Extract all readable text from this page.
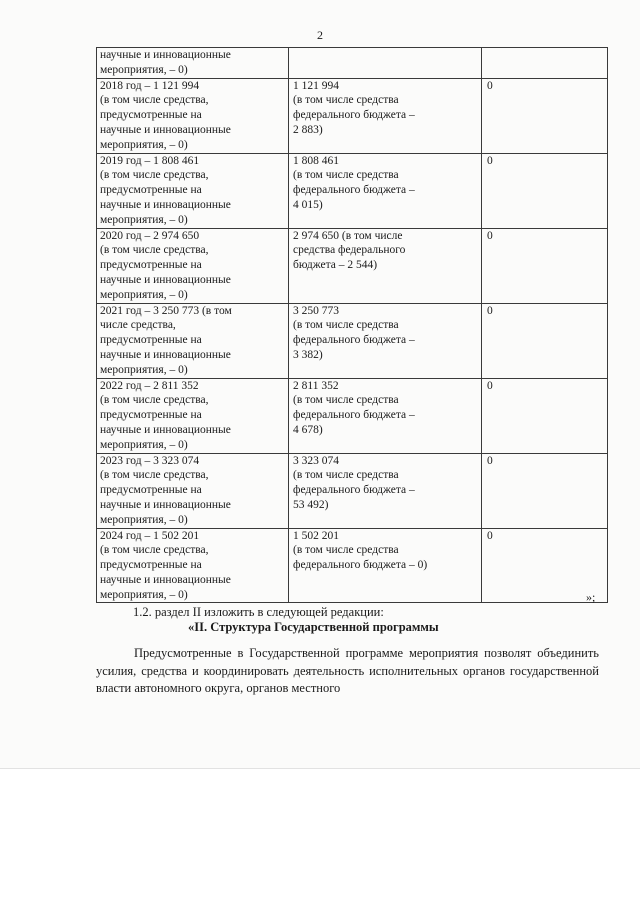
2
научные и инновационные
мероприятия, – 0)		
2018 год – 1 121 994
(в том числе средства,
предусмотренные на
научные и инновационные
мероприятия, – 0)	1 121 994
(в том числе средства
федерального бюджета –
2 883)	0
2019 год – 1 808 461
(в том числе средства,
предусмотренные на
научные и инновационные
мероприятия, – 0)	1 808 461
(в том числе средства
федерального бюджета –
4 015)	0
2020 год – 2 974 650
(в том числе средства,
предусмотренные на
научные и инновационные
мероприятия, – 0)	2 974 650 (в том числе
средства федерального
бюджета – 2 544)	0
2021 год – 3 250 773 (в том
числе средства,
предусмотренные на
научные и инновационные
мероприятия, – 0)	3 250 773
(в том числе средства
федерального бюджета –
3 382)	0
2022 год – 2 811 352
(в том числе средства,
предусмотренные на
научные и инновационные
мероприятия, – 0)	2 811 352
(в том числе средства
федерального бюджета –
4 678)	0
2023 год – 3 323 074
(в том числе средства,
предусмотренные на
научные и инновационные
мероприятия, – 0)	3 323 074
(в том числе средства
федерального бюджета –
53 492)	0
2024 год – 1 502 201
(в том числе средства,
предусмотренные на
научные и инновационные
мероприятия, – 0)	1 502 201
(в том числе средства
федерального бюджета – 0)	0
»;
1.2. раздел II изложить в следующей редакции:
«II. Структура Государственной программы
Предусмотренные в Государственной программе мероприятия позволят объединить усилия, средства и координировать деятельность исполнительных органов государственной власти автономного округа, органов местного
